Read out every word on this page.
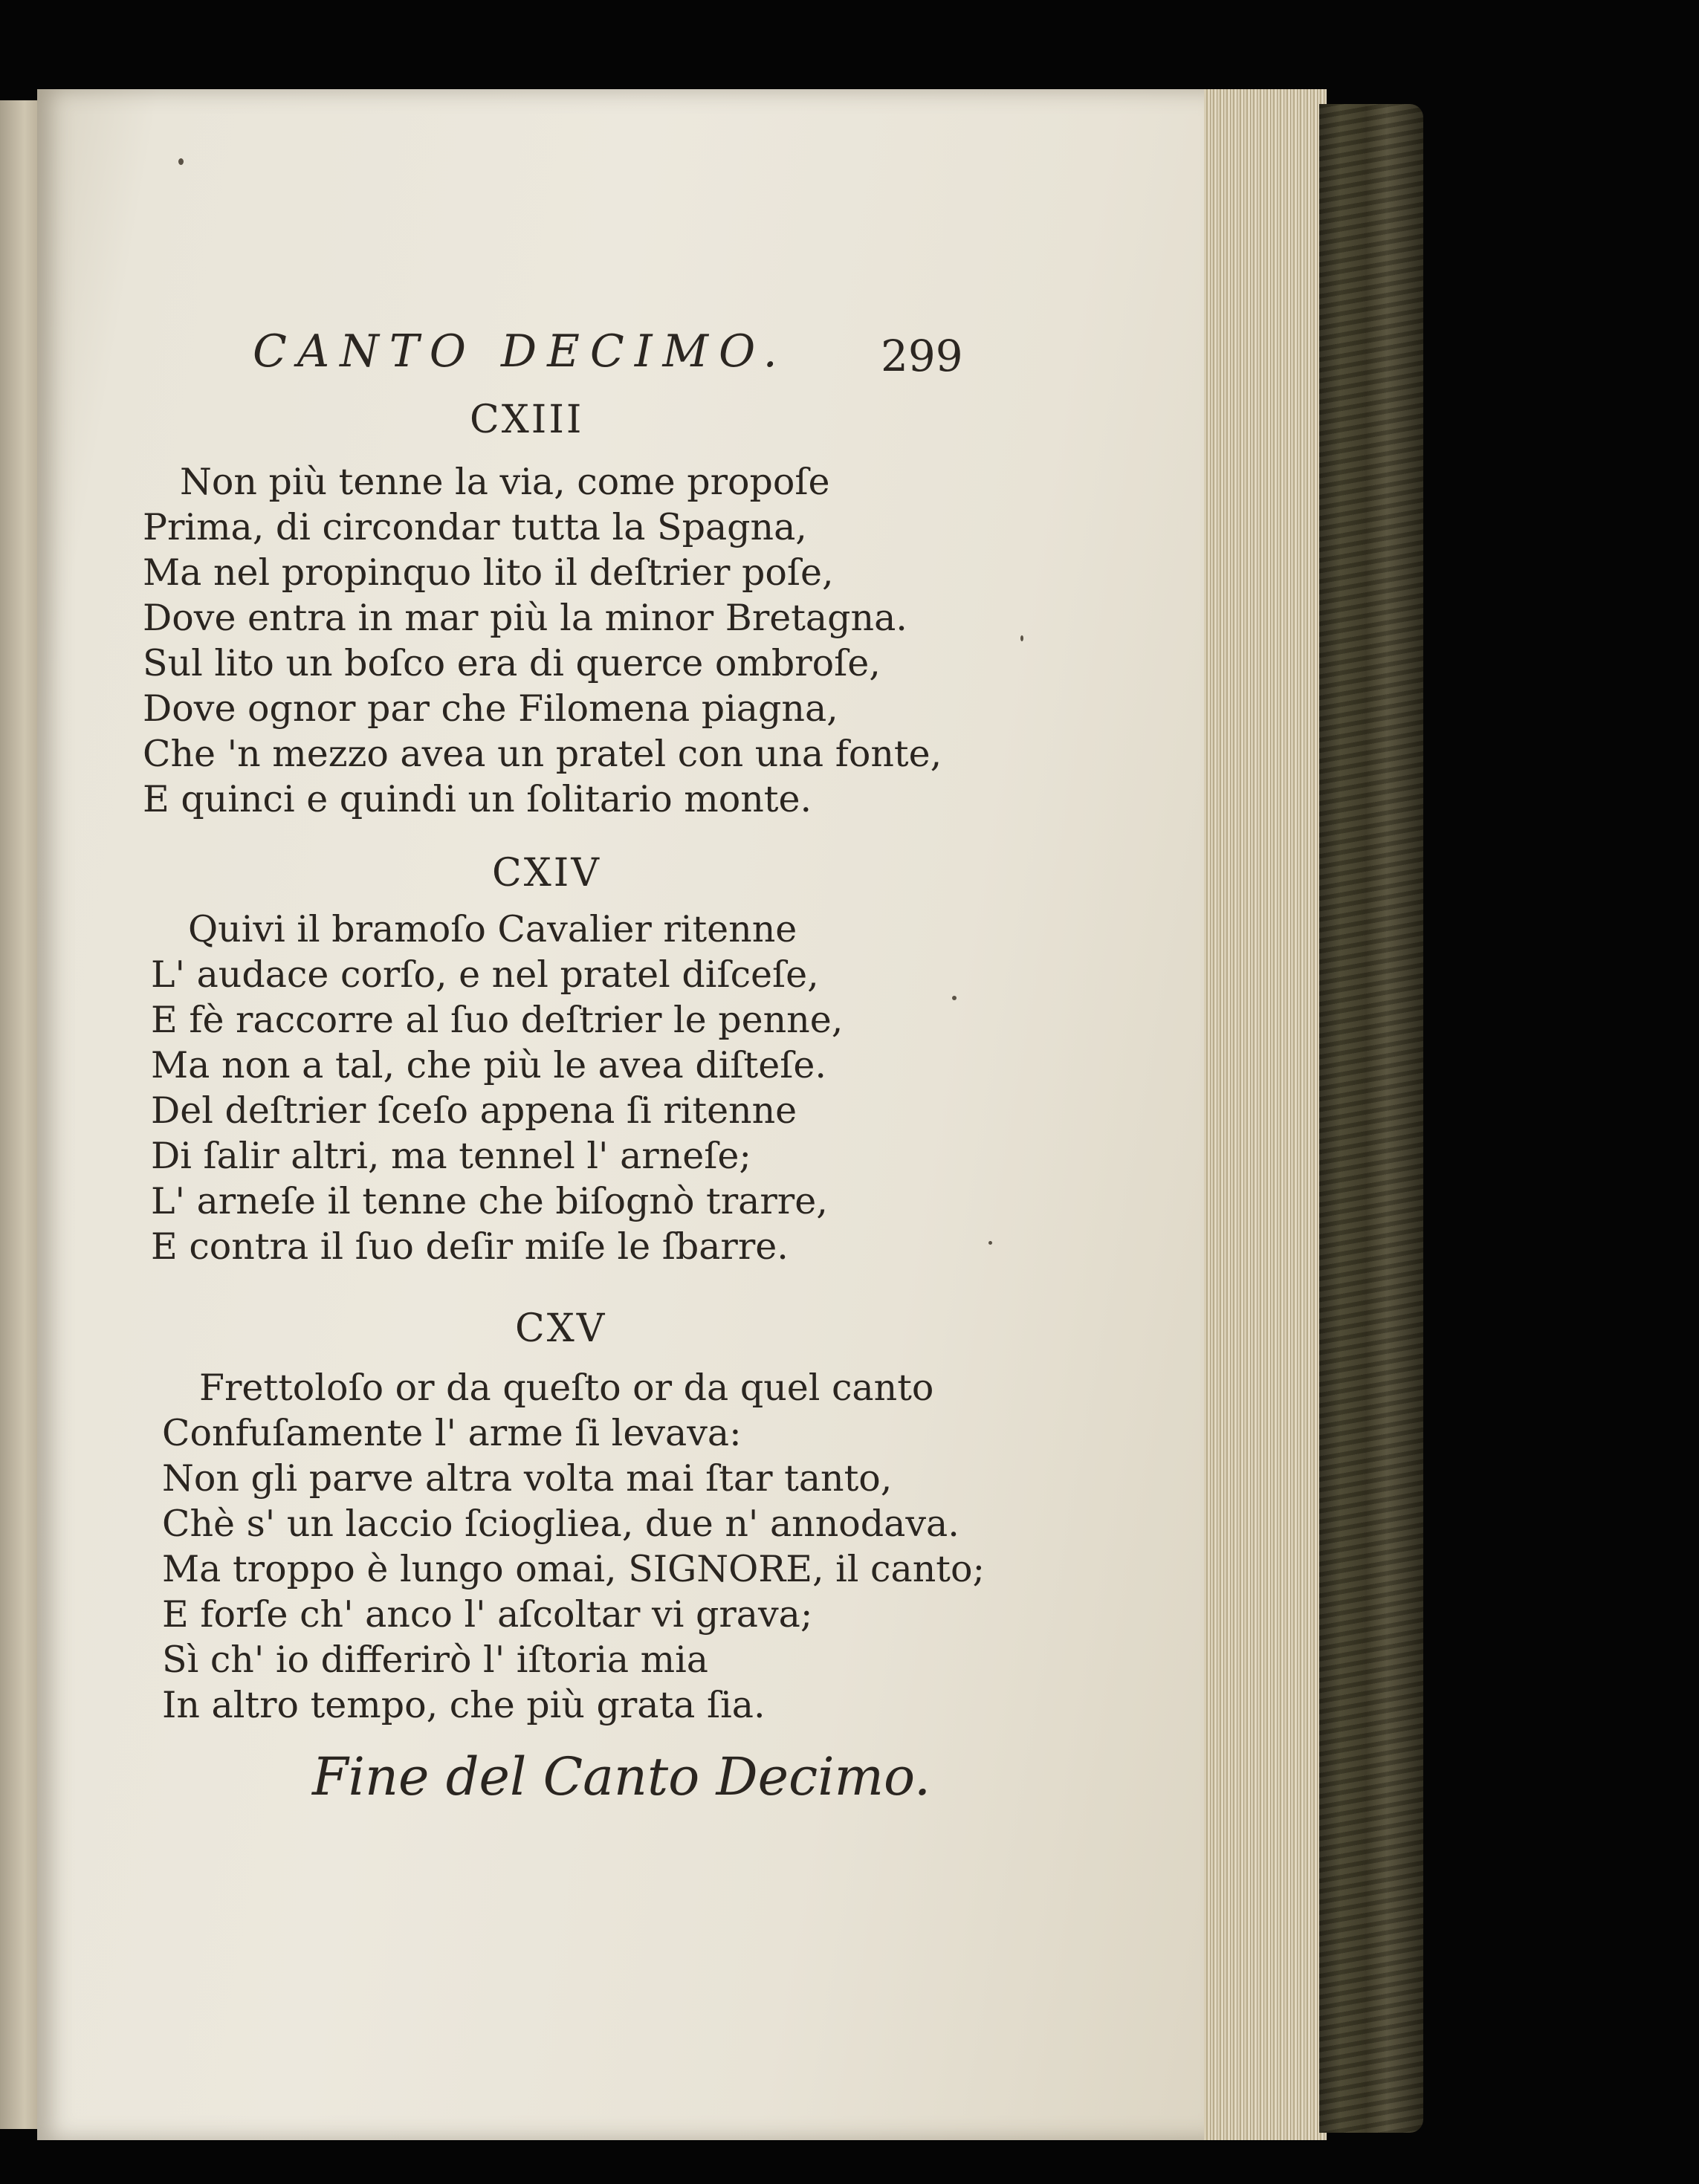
CANTO DECIMO. 299
CXIII
Non più tenne la via, come propoſe
Prima, di circondar tutta la Spagna,
Ma nel propinquo lito il deſtrier poſe,
Dove entra in mar più la minor Bretagna.
Sul lito un boſco era di querce ombroſe,
Dove ognor par che Filomena piagna,
Che 'n mezzo avea un pratel con una fonte,
E quinci e quindi un ſolitario monte.
CXIV
Quivi il bramoſo Cavalier ritenne
L' audace corſo, e nel pratel diſceſe,
E fè raccorre al ſuo deſtrier le penne,
Ma non a tal, che più le avea diſteſe.
Del deſtrier ſceſo appena ſi ritenne
Di ſalir altri, ma tennel l' arneſe;
L' arneſe il tenne che biſognò trarre,
E contra il ſuo deſir miſe le ſbarre.
CXV
Frettoloſo or da queſto or da quel canto
Confuſamente l' arme ſi levava:
Non gli parve altra volta mai ſtar tanto,
Chè s' un laccio ſciogliea, due n' annodava.
Ma troppo è lungo omai, SIGNORE, il canto;
E forſe ch' anco l' aſcoltar vi grava;
Sì ch' io differirò l' iſtoria mia
In altro tempo, che più grata ſia.
Fine del Canto Decimo.
